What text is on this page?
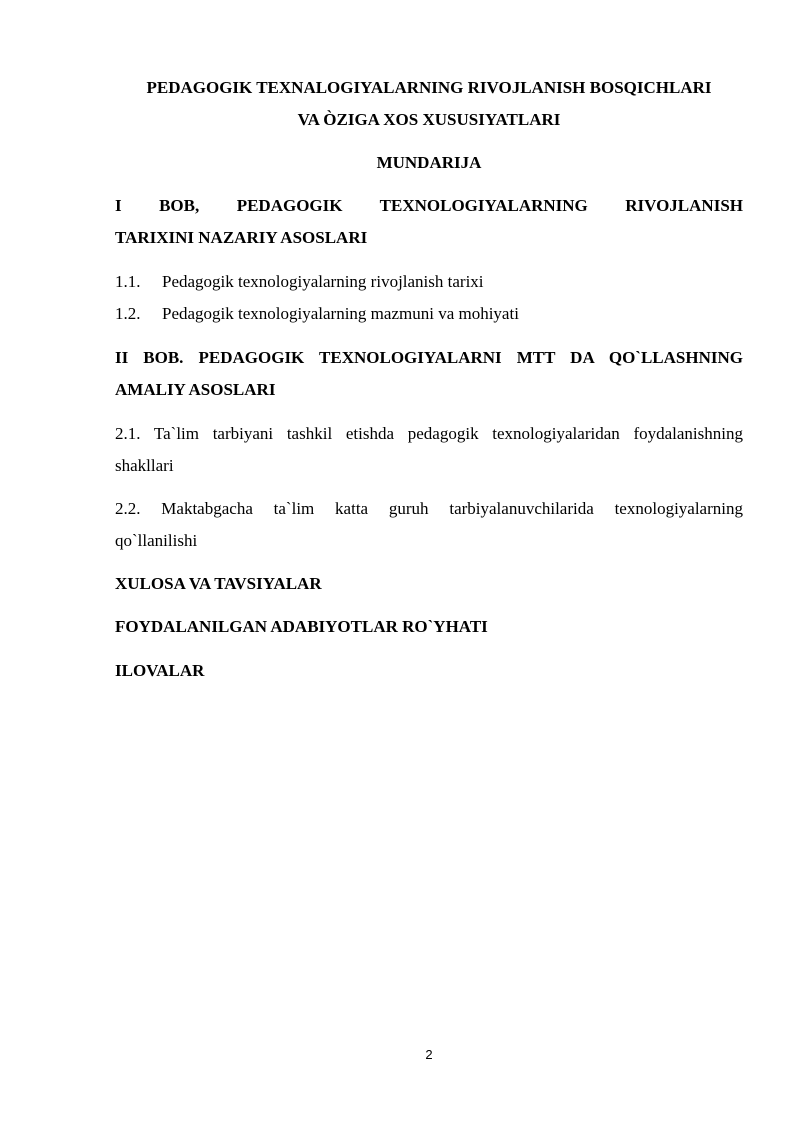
PEDAGOGIK TEXNALOGIYALARNING RIVOJLANISH BOSQICHLARI

VA ÒZIGA XOS XUSUSIYATLARI

MUNDARIJA

I BOB, PEDAGOGIK TEXNOLOGIYALARNING RIVOJLANISH
TARIXINI NAZARIY ASOSLARI

1.1. Pedagogik texnologiyalarning rivojlanish tarixi

1.2. Pedagogik texnologiyalarning mazmuni va mohiyati

II BOB. PEDAGOGIK TEXNOLOGIYALARNI MTT DA QO`LLASHNING
AMALIY ASOSLARI
2.1. Ta`lim tarbiyani tashkil etishda pedagogik texnologiyalaridan foydalanishning
shakllari
2.2. Maktabgacha ta`lim katta guruh tarbiyalanuvchilarida texnologiyalarning
qo`llanilishi

XULOSA VA TAVSIYALAR

FOYDALANILGAN ADABIYOTLAR RO`YHATI

ILOVALAR

2
